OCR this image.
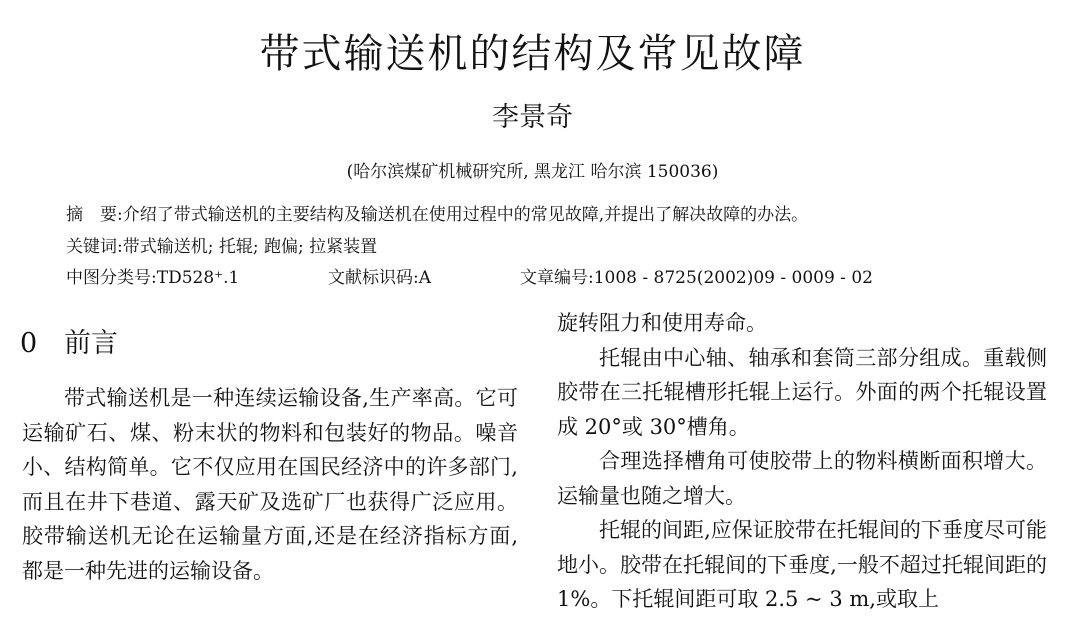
带式输送机的结构及常见故障
李景奇
(哈尔滨煤矿机械研究所, 黑龙江 哈尔滨 150036)
摘　要:介绍了带式输送机的主要结构及输送机在使用过程中的常见故障,并提出了解决故障的办法。
关键词:带式输送机; 托辊; 跑偏; 拉紧装置
中图分类号:TD528⁺.1	文献标识码:A	文章编号:1008 - 8725(2002)09 - 0009 - 02
0 前言

带式输送机是一种连续运输设备,生产率高。它可运输矿石、煤、粉末状的物料和包装好的物品。噪音小、结构简单。它不仅应用在国民经济中的许多部门,而且在井下巷道、露天矿及选矿厂也获得广泛应用。胶带输送机无论在运输量方面,还是在经济指标方面,都是一种先进的运输设备。

旋转阻力和使用寿命。

托辊由中心轴、轴承和套筒三部分组成。重载侧胶带在三托辊槽形托辊上运行。外面的两个托辊设置成 20°或 30°槽角。

合理选择槽角可使胶带上的物料横断面积增大。运输量也随之增大。

托辊的间距,应保证胶带在托辊间的下垂度尽可能地小。胶带在托辊间的下垂度,一般不超过托辊间距的 1%。下托辊间距可取 2.5 ~ 3 m,或取上
